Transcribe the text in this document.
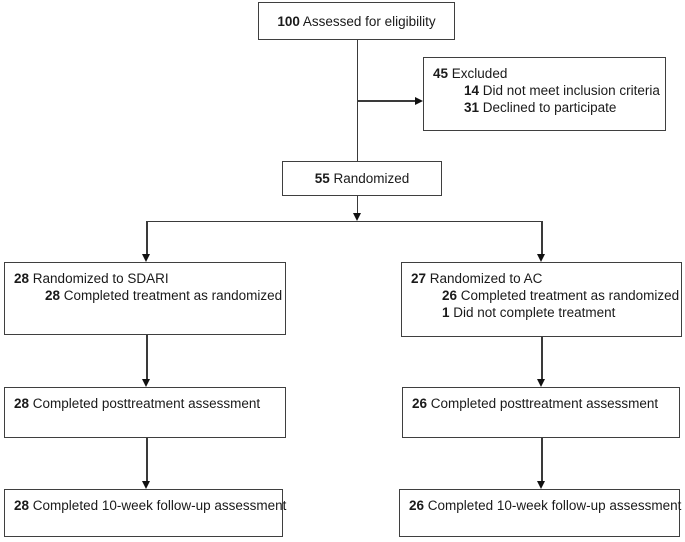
100 Assessed for eligibility
45 Excluded
14 Did not meet inclusion criteria
31 Declined to participate
55 Randomized
28 Randomized to SDARI
28 Completed treatment as randomized
27 Randomized to AC
26 Completed treatment as randomized
1 Did not complete treatment
28 Completed posttreatment assessment	26 Completed posttreatment assessment
28 Completed 10-week follow-up assessment	26 Completed 10-week follow-up assessment
